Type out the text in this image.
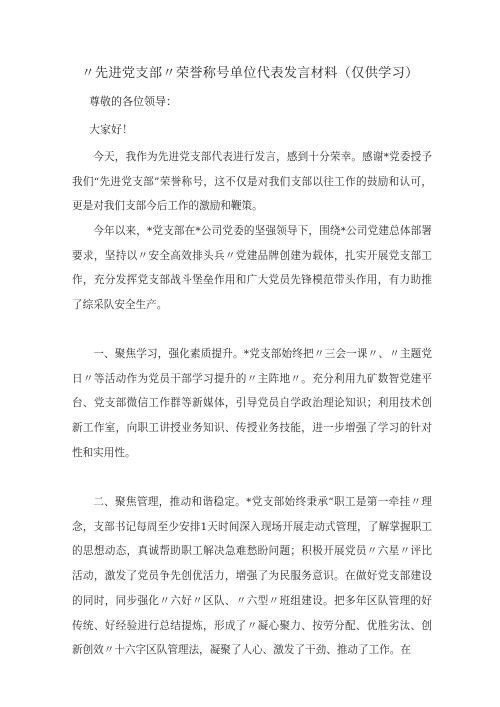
〃先进党支部〃荣誉称号单位代表发言材料（仅供学习）
尊敬的各位领导：
大家好！

今天，我作为先进党支部代表进行发言，感到十分荣幸。感谢*党委授予我们“先进党支部”荣誉称号，这不仅是对我们支部以往工作的鼓励和认可，更是对我们支部今后工作的激励和鞭策。

今年以来，*党支部在*公司党委的坚强领导下，围绕*公司党建总体部署要求，坚持以〃安全高效排头兵〃党建品牌创建为载体，扎实开展党支部工作，充分发挥党支部战斗堡垒作用和广大党员先锋模范带头作用，有力助推了综采队安全生产。

一、聚焦学习，强化素质提升。*党支部始终把〃三会一课〃、〃主题党日〃等活动作为党员干部学习提升的〃主阵地〃。充分利用九矿数智党建平台、党支部微信工作群等新媒体，引导党员自学政治理论知识；利用技术创新工作室，向职工讲授业务知识、传授业务技能，进一步增强了学习的针对性和实用性。

二、聚焦管理，推动和谐稳定。*党支部始终秉承“职工是第一牵挂〃理念，支部书记每周至少安排1天时间深入现场开展走动式管理，了解掌握职工的思想动态，真诚帮助职工解决急难愁盼问题；积极开展党员〃六星〃评比活动，激发了党员争先创优活力，增强了为民服务意识。在做好党支部建设的同时，同步强化〃六好〃区队、〃六型〃班组建设。把多年区队管理的好传统、好经验进行总结提炼，形成了〃凝心聚力、按劳分配、优胜劣汰、创新创效〃十六字区队管理法，凝聚了人心、激发了干劲、推动了工作。在
